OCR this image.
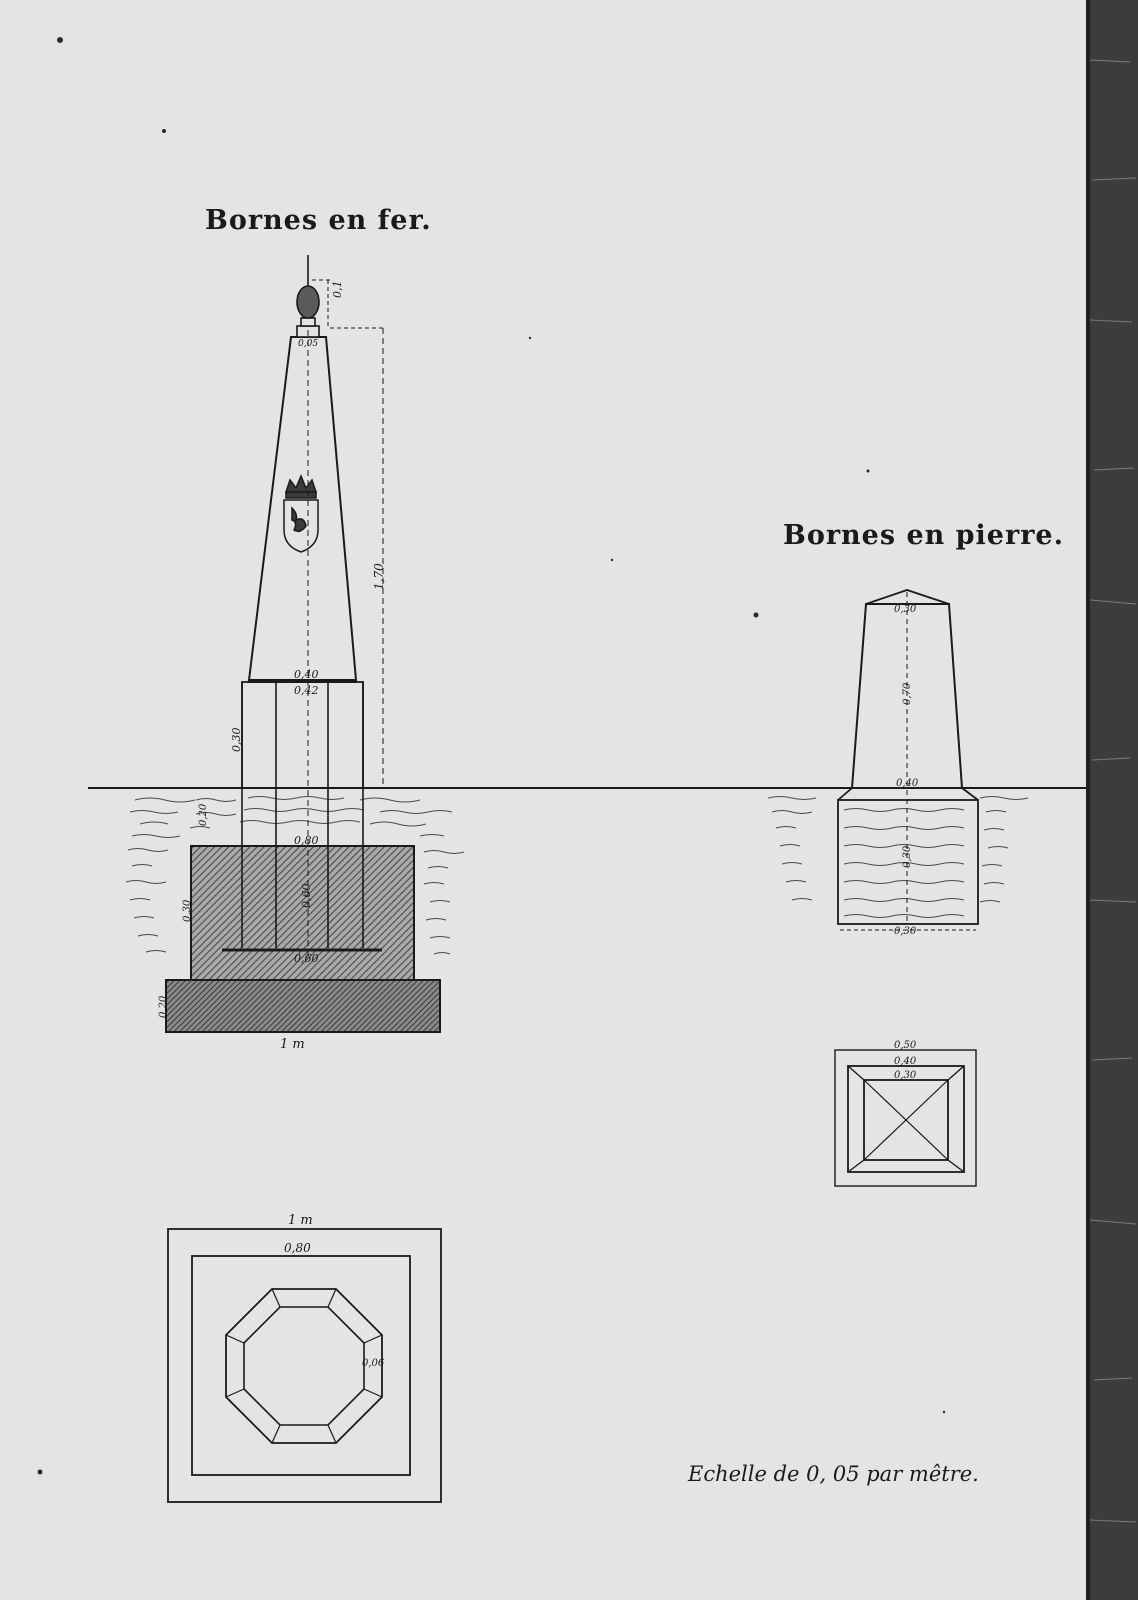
0,05
0,1
1,70
0,40
0,42
0,30
0,20
0,80
0,60
0,60
0,30
0,20
1 m
0,30
0,70
0,40
0,30
0,30
0,50
0,40
0,30
1 m
0,80
0,06
Bornes en fer.
Bornes en pierre.
Echelle de 0, 05 par mêtre.
